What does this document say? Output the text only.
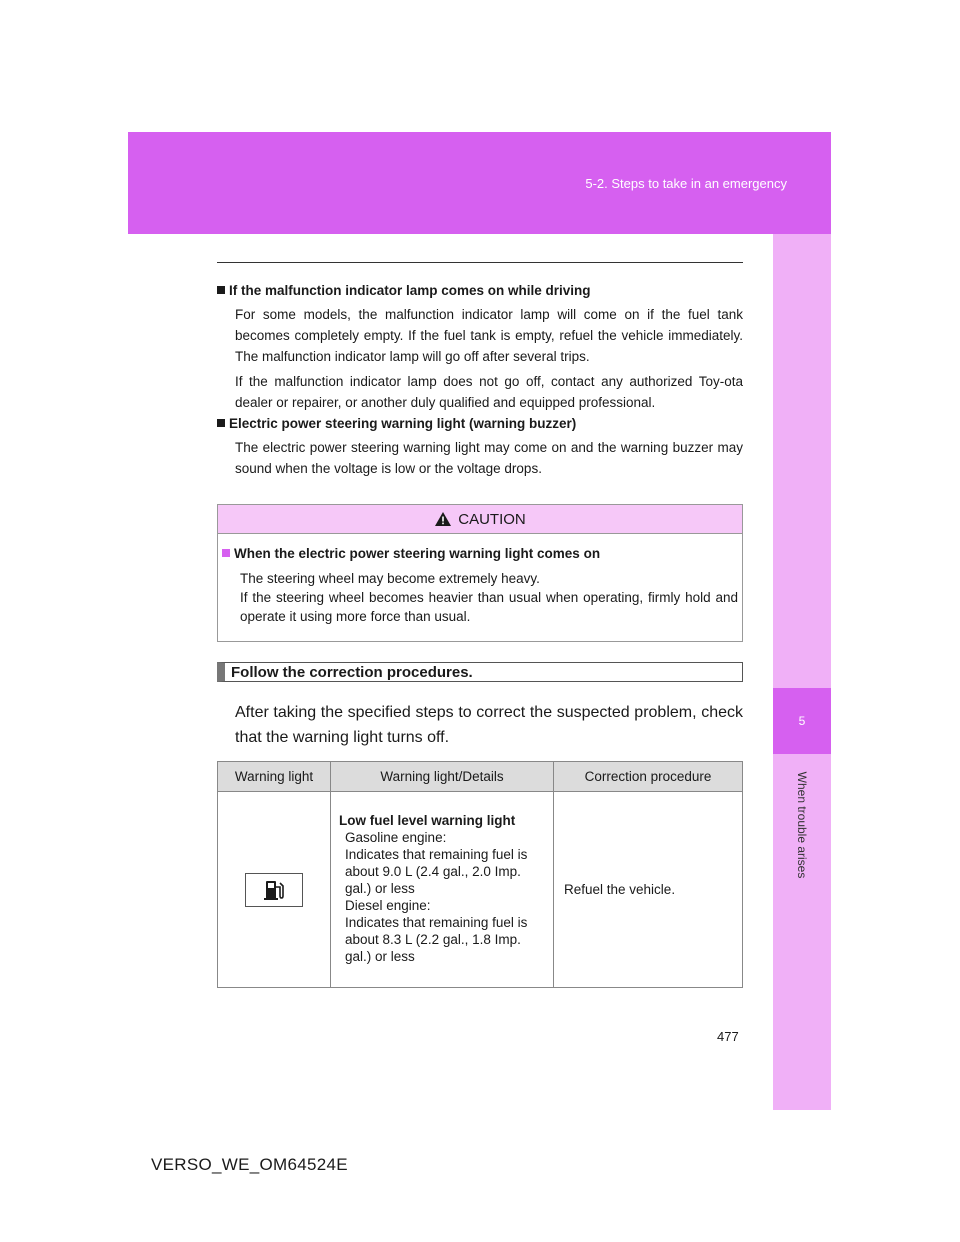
5-2. Steps to take in an emergency
5
When trouble arises
If the malfunction indicator lamp comes on while driving
For some models, the malfunction indicator lamp will come on if the fuel tank becomes completely empty. If the fuel tank is empty, refuel the vehicle immediately. The malfunction indicator lamp will go off after several trips.
If the malfunction indicator lamp does not go off, contact any authorized Toy-ota dealer or repairer, or another duly qualified and equipped professional.
Electric power steering warning light (warning buzzer)
The electric power steering warning light may come on and the warning buzzer may sound when the voltage is low or the voltage drops.
CAUTION
When the electric power steering warning light comes on
The steering wheel may become extremely heavy.
If the steering wheel becomes heavier than usual when operating, firmly hold and operate it using more force than usual.
Follow the correction procedures.
After taking the specified steps to correct the suspected problem, check that the warning light turns off.
Warning light	Warning light/Details	Correction procedure

Low fuel level warning light
Gasoline engine:
Indicates that remaining fuel is about 9.0 L (2.4 gal., 2.0 Imp. gal.) or less
Diesel engine:
Indicates that remaining fuel is about 8.3 L (2.2 gal., 1.8 Imp. gal.) or less	Refuel the vehicle.
477
VERSO_WE_OM64524E
